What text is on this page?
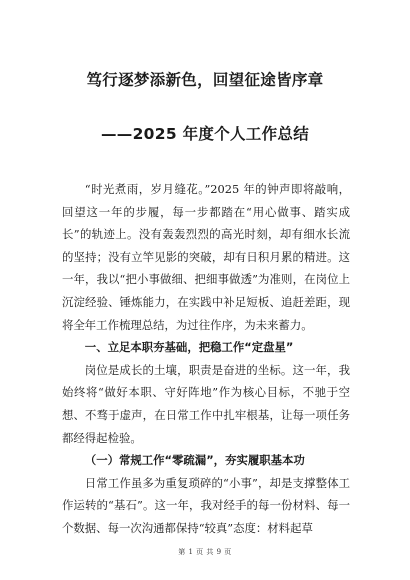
笃行逐梦添新色，回望征途皆序章
——2025 年度个人工作总结

“时光煮雨，岁月缝花。”2025 年的钟声即将敲响，回望这一年的步履，每一步都踏在“用心做事、踏实成长”的轨迹上。没有轰轰烈烈的高光时刻，却有细水长流的坚持；没有立竿见影的突破，却有日积月累的精进。这一年，我以“把小事做细、把细事做透”为准则，在岗位上沉淀经验、锤炼能力，在实践中补足短板、追赶差距，现将全年工作梳理总结，为过往作序，为未来蓄力。

一、立足本职夯基础，把稳工作“定盘星”

岗位是成长的土壤，职责是奋进的坐标。这一年，我始终将“做好本职、守好阵地”作为核心目标，不驰于空想、不骛于虚声，在日常工作中扎牢根基，让每一项任务都经得起检验。

（一）常规工作“零疏漏”，夯实履职基本功

日常工作虽多为重复琐碎的“小事”，却是支撑整体工作运转的“基石”。这一年，我对经手的每一份材料、每一个数据、每一次沟通都保持“较真”态度：材料起草

第 1 页 共 9 页
